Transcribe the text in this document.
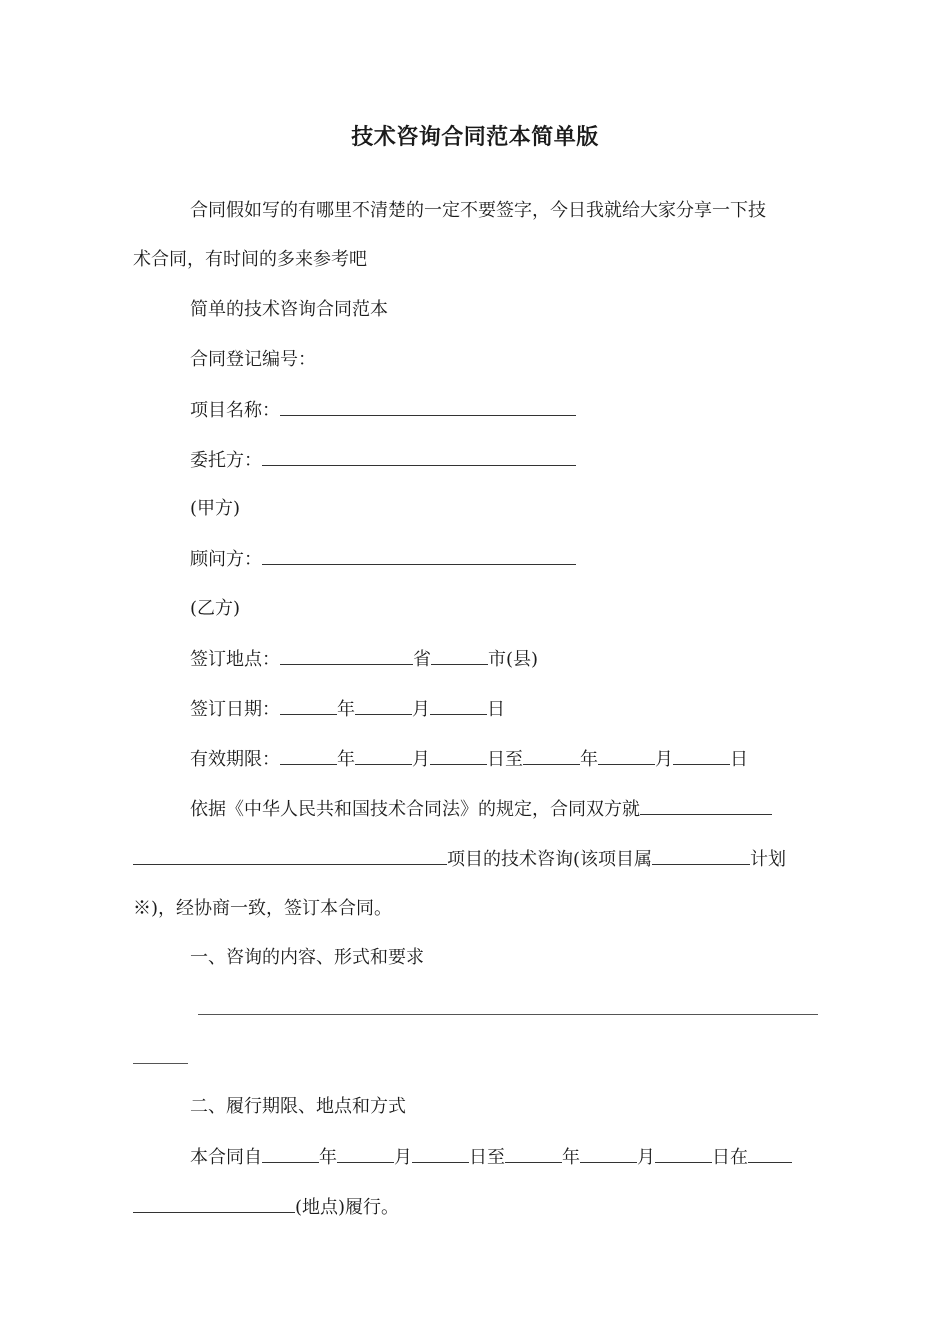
技术咨询合同范本简单版
合同假如写的有哪里不清楚的一定不要签字，今日我就给大家分享一下技
术合同，有时间的多来参考吧
简单的技术咨询合同范本
合同登记编号：
项目名称：
委托方：
(甲方)
顾问方：
(乙方)
签订地点：	省	市(县)
签订日期：	年	月	日
有效期限：	年	月	日至	年	月	日
依据《中华人民共和国技术合同法》的规定，合同双方就
项目的技术咨询(该项目属	计划
※)，经协商一致，签订本合同。
一、咨询的内容、形式和要求
二、履行期限、地点和方式
本合同自	年	月	日至	年	月	日在
(地点)履行。
